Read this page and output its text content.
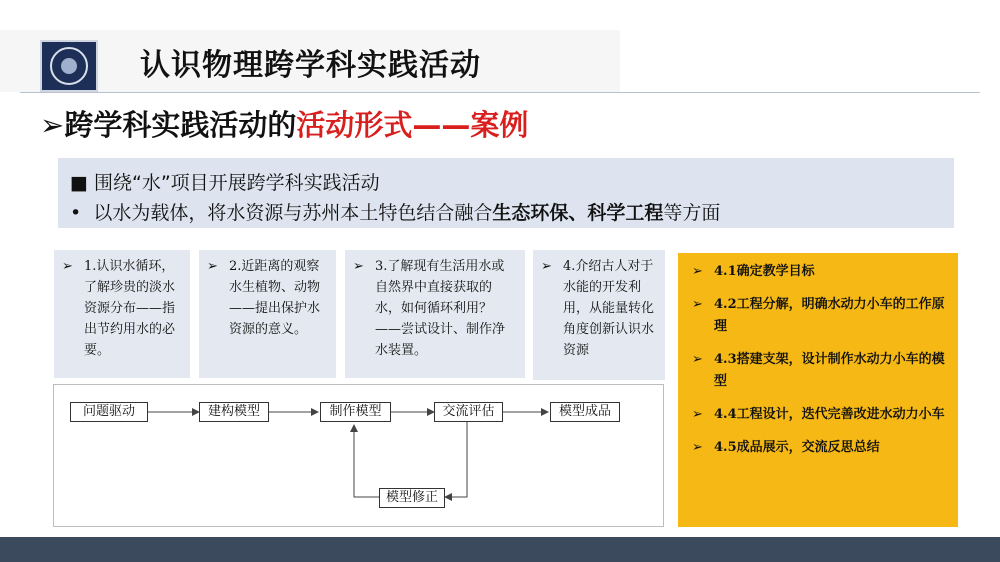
认识物理跨学科实践活动
➢跨学科实践活动的活动形式——案例
■ 围绕“水”项目开展跨学科实践活动
• 以水为载体，将水资源与苏州本土特色结合融合生态环保、科学工程等方面
➢ 1.认识水循环，了解珍贵的淡水资源分布——指出节约用水的必要。
➢ 2.近距离的观察水生植物、动物——提出保护水资源的意义。
➢ 3.了解现有生活用水或自然界中直接获取的水，如何循环利用？——尝试设计、制作净水装置。
➢ 4.介绍古人对于水能的开发利用，从能量转化角度创新认识水资源
➢ 4.1确定教学目标
➢ 4.2工程分解，明确水动力小车的工作原理
➢ 4.3搭建支架，设计制作水动力小车的模型
➢ 4.4工程设计，迭代完善改进水动力小车
➢ 4.5成品展示，交流反思总结
问题驱动	建构模型	制作模型	交流评估	模型成品
模型修正
